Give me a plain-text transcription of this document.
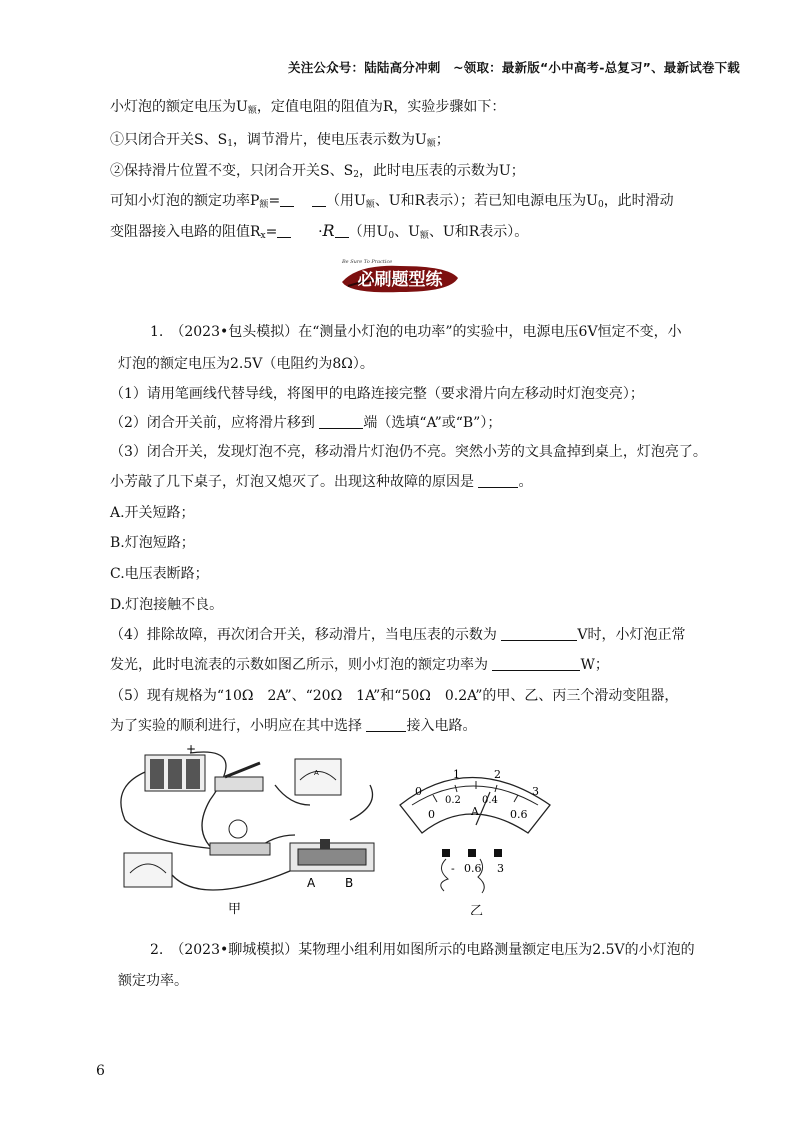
关注公众号：陆陆高分冲刺　~领取：最新版“小中高考-总复习”、最新试卷下载
小灯泡的额定电压为$U_额$，定值电阻的阻值为R，实验步骤如下：
①只闭合开关S、$S_1$，调节滑片，使电压表示数为$U_额$；
②保持滑片位置不变，只闭合开关S、$S_2$，此时电压表的示数为U；
可知小灯泡的额定功率$P_额=$	（用$U_额$、U和R表示）；若已知电源电压为$U_0$，此时滑动
变阻器接入电路的阻值$R_x=$	·R （用$U_0$、$U_额$、U和R表示）。
Be Sure To Practice
必刷题型练
1.　（2023•包头模拟）在“测量小灯泡的电功率”的实验中，电源电压6V恒定不变，小
灯泡的额定电压为2.5V（电阻约为8Ω）。
（1）请用笔画线代替导线，将图甲的电路连接完整（要求滑片向左移动时灯泡变亮）；
（2）闭合开关前，应将滑片移到	端（选填“A”或“B”）；
（3）闭合开关，发现灯泡不亮，移动滑片灯泡仍不亮。突然小芳的文具盒掉到桌上，灯泡亮了。
小芳敲了几下桌子，灯泡又熄灭了。出现这种故障的原因是	。
A.开关短路；
B.灯泡短路；
C.电压表断路；
D.灯泡接触不良。
（4）排除故障，再次闭合开关，移动滑片，当电压表的示数为	V时，小灯泡正常
发光，此时电流表的示数如图乙所示，则小灯泡的额定功率为	W；
（5）现有规格为“10Ω　2A”、“20Ω　1A”和“50Ω　0.2A”的甲、乙、丙三个滑动变阻器，
为了实验的顺利进行，小明应在其中选择	接入电路。
+
A
A B
甲
0
1	2
3
0
0.2 0.4
0.6
A
- 0.6 3
乙
2.　（2023•聊城模拟）某物理小组利用如图所示的电路测量额定电压为2.5V的小灯泡的
额定功率。
6
